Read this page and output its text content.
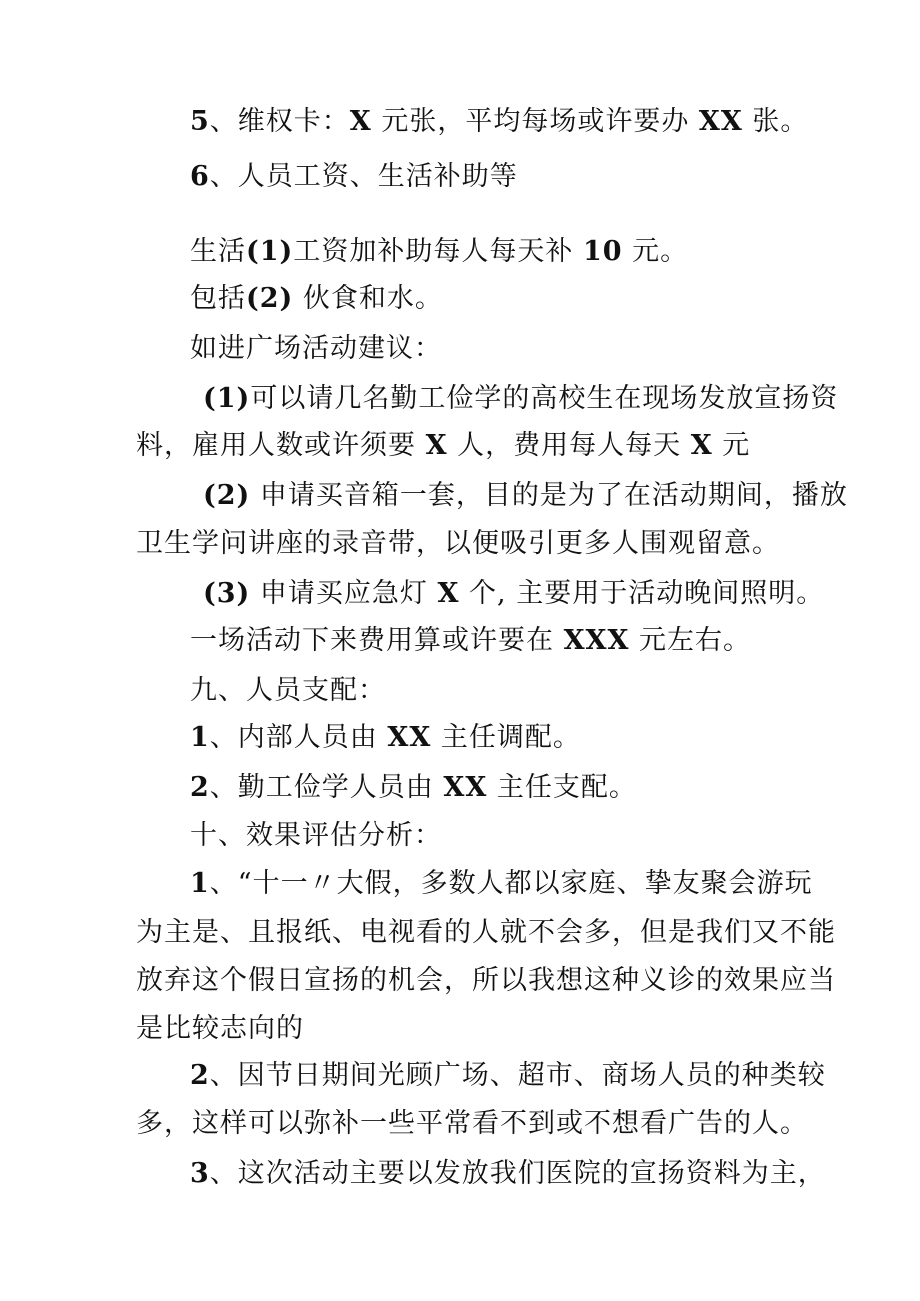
5、维权卡：X 元张，平均每场或许要办 XX 张。
6、人员工资、生活补助等
生活(1)工资加补助每人每天补 10 元。
包括(2) 伙食和水。
如进广场活动建议：
(1)可以请几名勤工俭学的高校生在现场发放宣扬资
料，雇用人数或许须要 X 人，费用每人每天 X 元
(2) 申请买音箱一套，目的是为了在活动期间，播放
卫生学问讲座的录音带，以便吸引更多人围观留意。
(3) 申请买应急灯 X 个, 主要用于活动晚间照明。
一场活动下来费用算或许要在 XXX 元左右。
九、人员支配：
1、内部人员由 XX 主任调配。
2、勤工俭学人员由 XX 主任支配。
十、效果评估分析：
1、“十一〃大假，多数人都以家庭、挚友聚会游玩
为主是、且报纸、电视看的人就不会多，但是我们又不能
放弃这个假日宣扬的机会，所以我想这种义诊的效果应当
是比较志向的
2、因节日期间光顾广场、超市、商场人员的种类较
多，这样可以弥补一些平常看不到或不想看广告的人。
3、这次活动主要以发放我们医院的宣扬资料为主，
